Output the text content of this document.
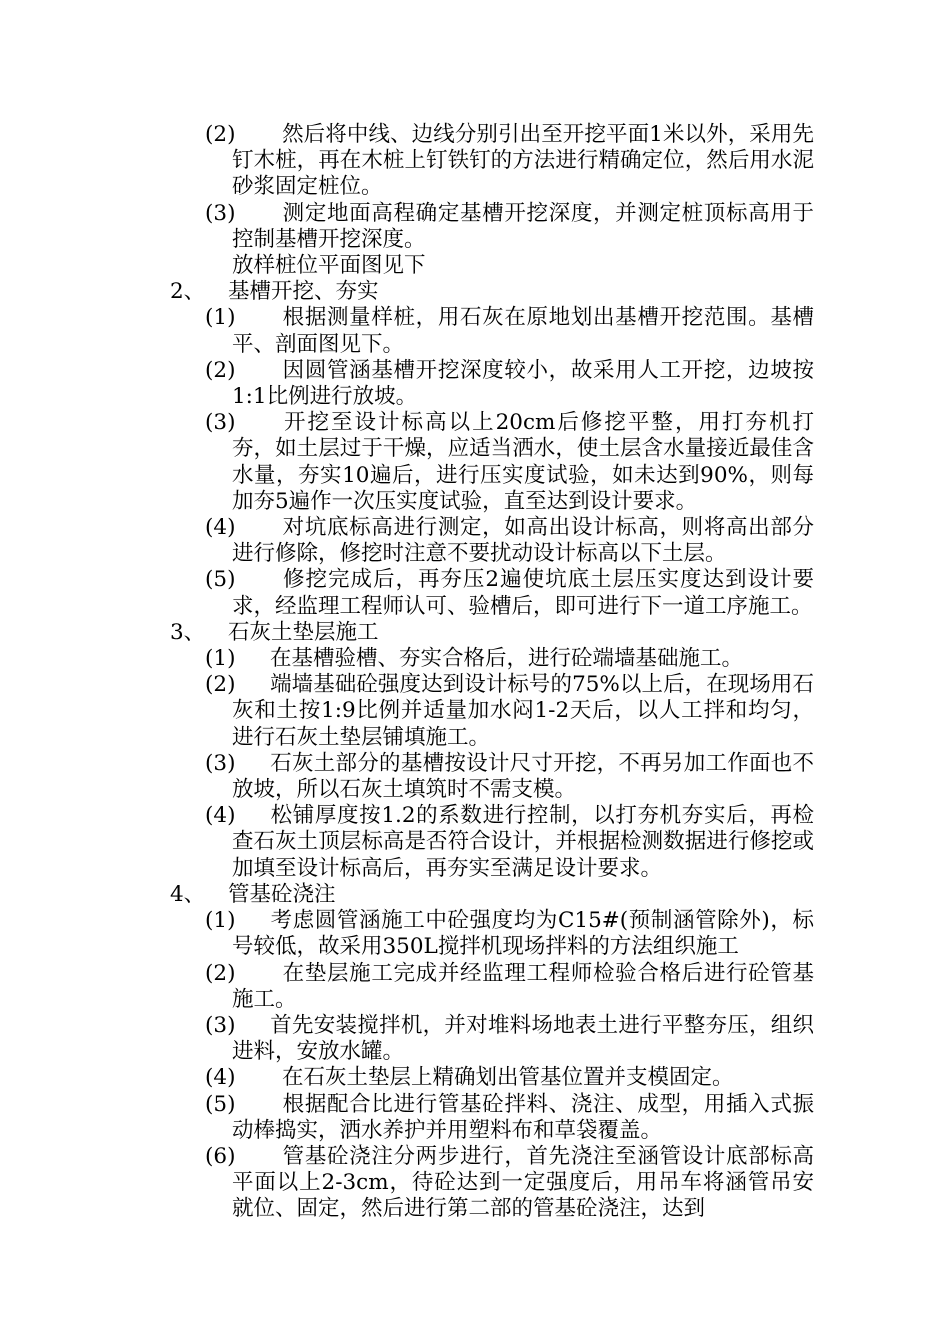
(2) 然后将中线、边线分别引出至开挖平面1米以外，采用先钉木桩，再在木桩上钉铁钉的方法进行精确定位，然后用水泥砂浆固定桩位。
(3) 测定地面高程确定基槽开挖深度，并测定桩顶标高用于控制基槽开挖深度。
放样桩位平面图见下
2、 基槽开挖、夯实
(1) 根据测量样桩，用石灰在原地划出基槽开挖范围。基槽平、剖面图见下。
(2) 因圆管涵基槽开挖深度较小，故采用人工开挖，边坡按1:1比例进行放坡。
(3) 开挖至设计标高以上20cm后修挖平整，用打夯机打夯，如土层过于干燥，应适当洒水，使土层含水量接近最佳含水量，夯实10遍后，进行压实度试验，如未达到90%，则每加夯5遍作一次压实度试验，直至达到设计要求。
(4) 对坑底标高进行测定，如高出设计标高，则将高出部分进行修除，修挖时注意不要扰动设计标高以下土层。
(5) 修挖完成后，再夯压2遍使坑底土层压实度达到设计要求，经监理工程师认可、验槽后，即可进行下一道工序施工。
3、 石灰土垫层施工
(1) 在基槽验槽、夯实合格后，进行砼端墙基础施工。
(2) 端墙基础砼强度达到设计标号的75%以上后，在现场用石灰和土按1:9比例并适量加水闷1-2天后，以人工拌和均匀，进行石灰土垫层铺填施工。
(3) 石灰土部分的基槽按设计尺寸开挖，不再另加工作面也不放坡，所以石灰土填筑时不需支模。
(4) 松铺厚度按1.2的系数进行控制，以打夯机夯实后，再检查石灰土顶层标高是否符合设计，并根据检测数据进行修挖或加填至设计标高后，再夯实至满足设计要求。
4、 管基砼浇注
(1) 考虑圆管涵施工中砼强度均为C15#(预制涵管除外)，标号较低，故采用350L搅拌机现场拌料的方法组织施工
(2) 在垫层施工完成并经监理工程师检验合格后进行砼管基施工。
(3) 首先安装搅拌机，并对堆料场地表土进行平整夯压，组织进料，安放水罐。
(4) 在石灰土垫层上精确划出管基位置并支模固定。
(5) 根据配合比进行管基砼拌料、浇注、成型，用插入式振动棒捣实，洒水养护并用塑料布和草袋覆盖。
(6) 管基砼浇注分两步进行，首先浇注至涵管设计底部标高平面以上2-3cm，待砼达到一定强度后，用吊车将涵管吊安就位、固定，然后进行第二部的管基砼浇注，达到
